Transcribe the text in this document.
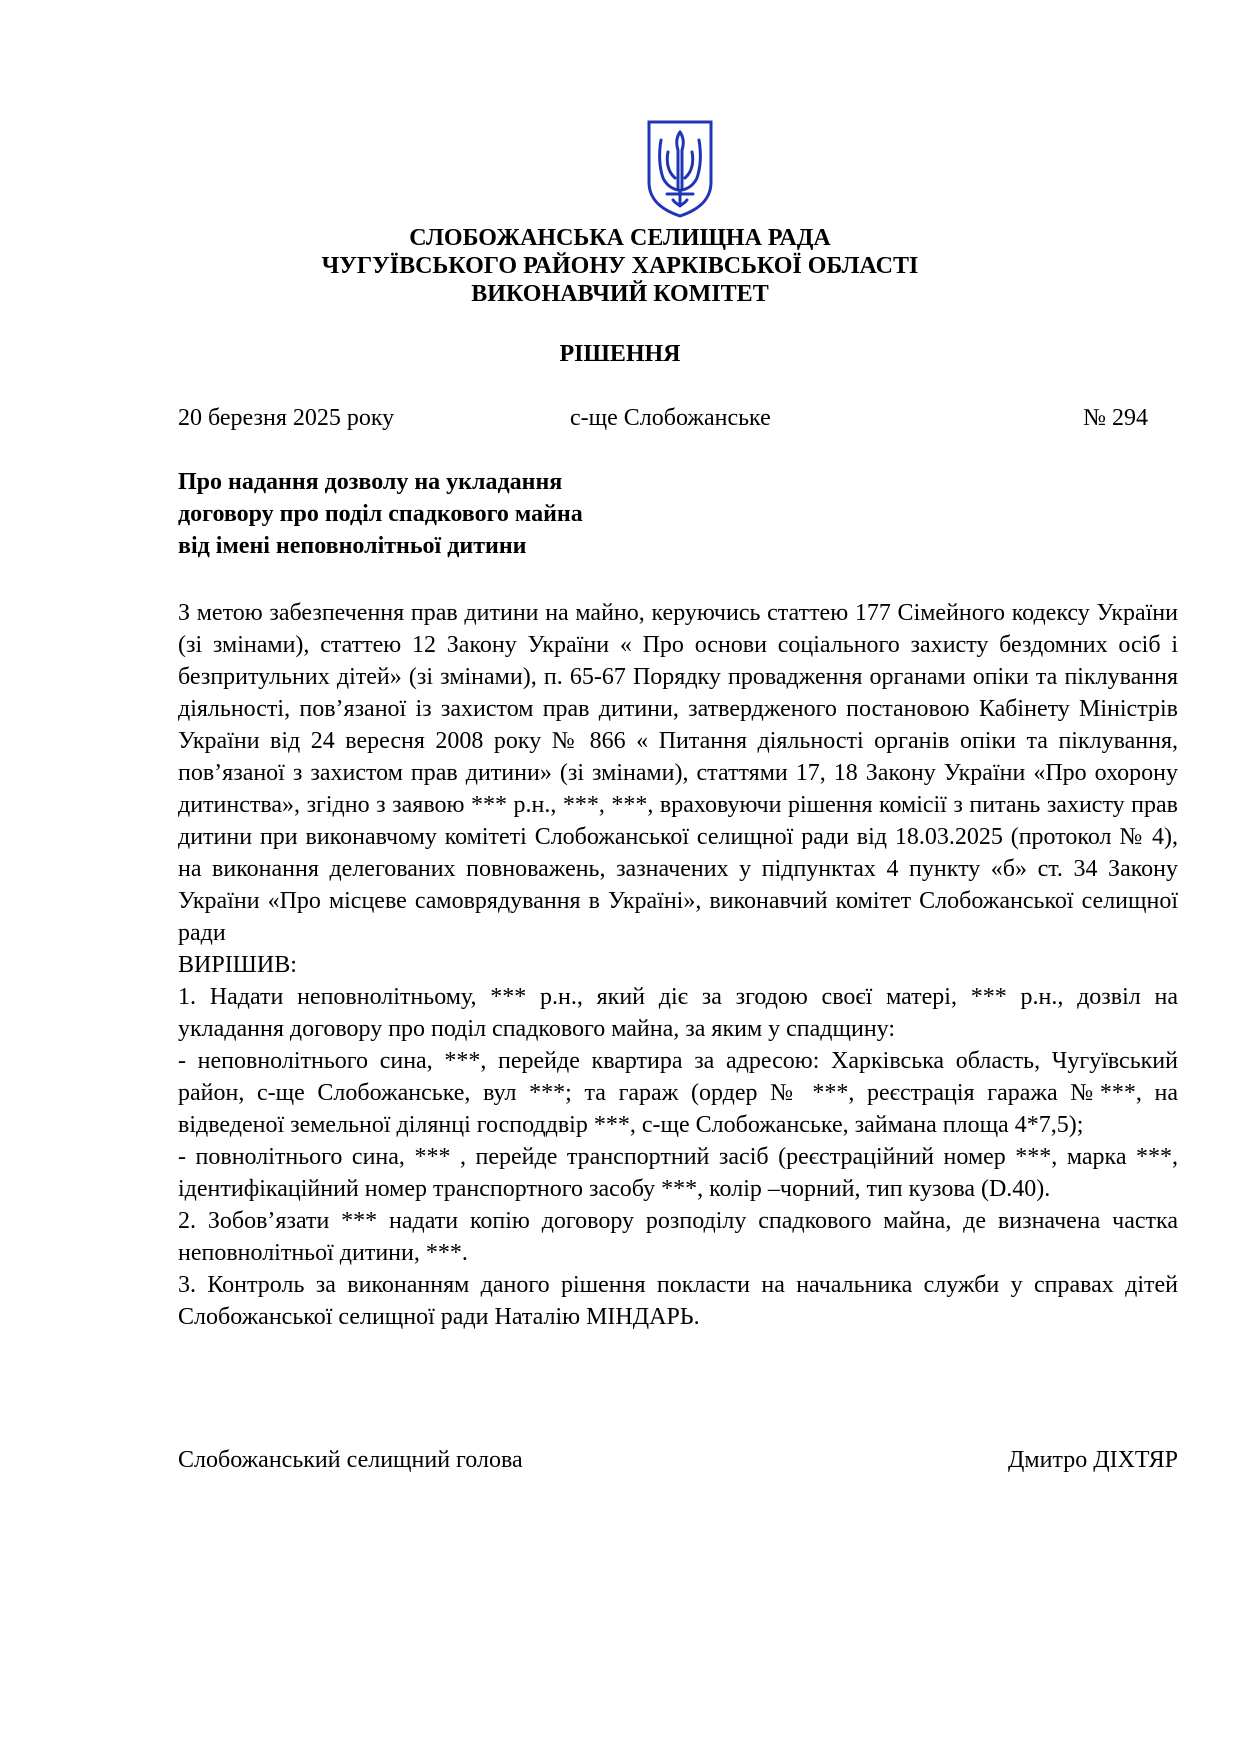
СЛОБОЖАНСЬКА СЕЛИЩНА РАДА
ЧУГУЇВСЬКОГО РАЙОНУ ХАРКІВСЬКОЇ ОБЛАСТІ
ВИКОНАВЧИЙ КОМІТЕТ
РІШЕННЯ
20 березня 2025 року	с-ще Слобожанське	№ 294
Про надання дозволу на укладання
договору про поділ спадкового майна
від імені неповнолітньої дитини

З метою забезпечення прав дитини на майно, керуючись статтею 177 Сімейного кодексу України (зі змінами), статтею 12 Закону України « Про основи соціального захисту бездомних осіб і безпритульних дітей» (зі змінами), п. 65-67 Порядку провадження органами опіки та піклування діяльності, пов’язаної із захистом прав дитини, затвердженого постановою Кабінету Міністрів України від 24 вересня 2008 року № 866 « Питання діяльності органів опіки та піклування, пов’язаної з захистом прав дитини» (зі змінами), статтями 17, 18 Закону України «Про охорону дитинства», згідно з заявою *** р.н., ***, ***, враховуючи рішення комісії з питань захисту прав дитини при виконавчому комітеті Слобожанської селищної ради від 18.03.2025 (протокол № 4), на виконання делегованих повноважень, зазначених у підпунктах 4 пункту «б» ст. 34 Закону України «Про місцеве самоврядування в Україні», виконавчий комітет Слобожанської селищної ради

ВИРІШИВ:

1. Надати неповнолітньому, *** р.н., який діє за згодою своєї матері, *** р.н., дозвіл на укладання договору про поділ спадкового майна, за яким у спадщину:

- неповнолітнього сина, ***, перейде квартира за адресою: Харківська область, Чугуївський район, с-ще Слобожанське, вул ***; та гараж (ордер № ***, реєстрація гаража №***, на відведеної земельної ділянці господдвір ***, с-ще Слобожанське, займана площа 4*7,5);

- повнолітнього сина, *** , перейде транспортний засіб (реєстраційний номер ***, марка ***, ідентифікаційний номер транспортного засобу ***, колір –чорний, тип кузова (D.40).

2. Зобов’язати *** надати копію договору розподілу спадкового майна, де визначена частка неповнолітньої дитини, ***.

3. Контроль за виконанням даного рішення покласти на начальника служби у справах дітей Слобожанської селищної ради Наталію МІНДАРЬ.

Слобожанський селищний голова	Дмитро ДІХТЯР
